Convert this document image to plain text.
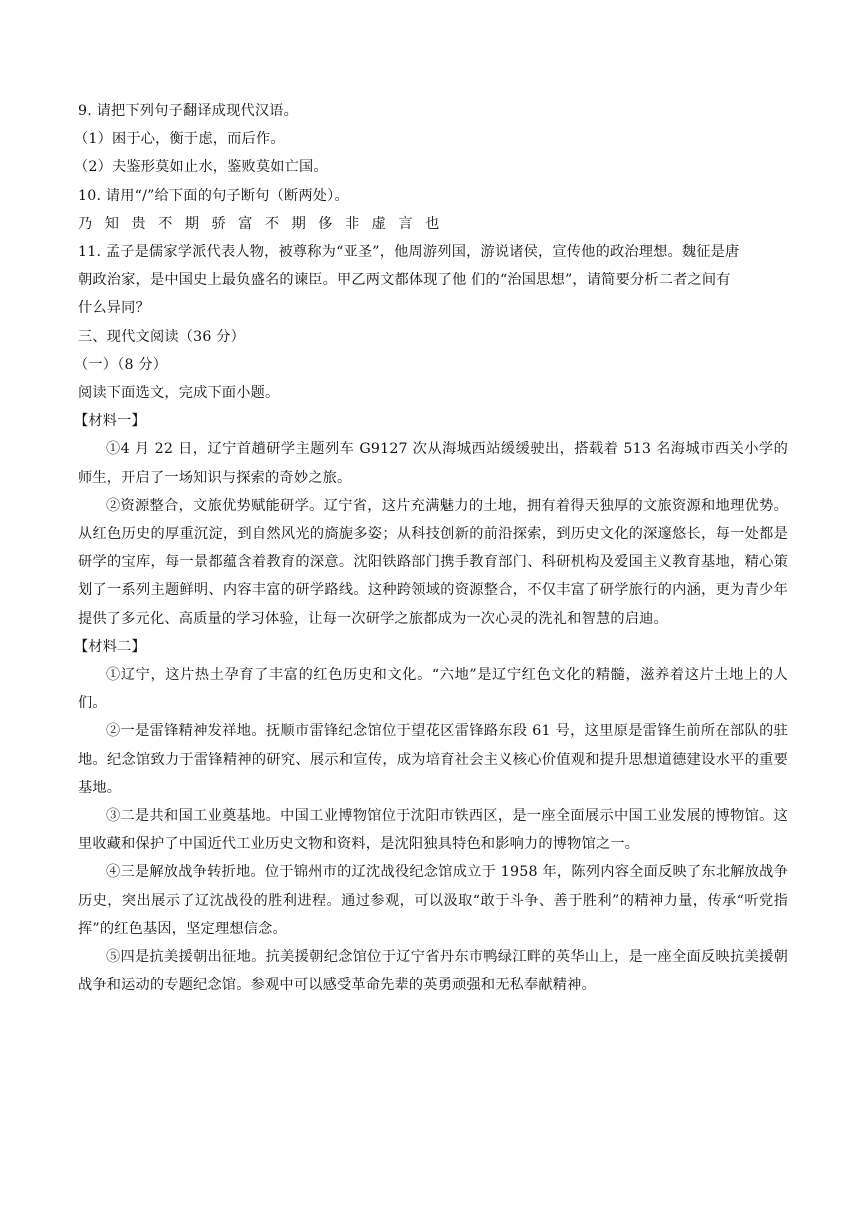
9. 请把下列句子翻译成现代汉语。
（1）困于心，衡于虑，而后作。
（2）夫鉴形莫如止水，鉴败莫如亡国。
10. 请用“/”给下面的句子断句（断两处）。
乃 知 贵 不 期 骄 富 不 期 侈 非 虚 言 也
11. 孟子是儒家学派代表人物，被尊称为“亚圣”，他周游列国，游说诸侯，宣传他的政治理想。魏征是唐
朝政治家，是中国史上最负盛名的谏臣。甲乙两文都体现了他 们的“治国思想”，请简要分析二者之间有
什么异同？
三、现代文阅读（36 分）
（一）（8 分）
阅读下面选文，完成下面小题。
【材料一】
①4 月 22 日，辽宁首趟研学主题列车 G9127 次从海城西站缓缓驶出，搭载着 513 名海城市西关小学的师生，开启了一场知识与探索的奇妙之旅。
②资源整合，文旅优势赋能研学。辽宁省，这片充满魅力的土地，拥有着得天独厚的文旅资源和地理优势。从红色历史的厚重沉淀，到自然风光的旖旎多姿；从科技创新的前沿探索，到历史文化的深邃悠长，每一处都是研学的宝库，每一景都蕴含着教育的深意。沈阳铁路部门携手教育部门、科研机构及爱国主义教育基地，精心策划了一系列主题鲜明、内容丰富的研学路线。这种跨领域的资源整合，不仅丰富了研学旅行的内涵，更为青少年提供了多元化、高质量的学习体验，让每一次研学之旅都成为一次心灵的洗礼和智慧的启迪。
【材料二】
①辽宁，这片热土孕育了丰富的红色历史和文化。“六地”是辽宁红色文化的精髓，滋养着这片土地上的人们。
②一是雷锋精神发祥地。抚顺市雷锋纪念馆位于望花区雷锋路东段 61 号，这里原是雷锋生前所在部队的驻地。纪念馆致力于雷锋精神的研究、展示和宣传，成为培育社会主义核心价值观和提升思想道德建设水平的重要基地。
③二是共和国工业奠基地。中国工业博物馆位于沈阳市铁西区，是一座全面展示中国工业发展的博物馆。这里收藏和保护了中国近代工业历史文物和资料，是沈阳独具特色和影响力的博物馆之一。
④三是解放战争转折地。位于锦州市的辽沈战役纪念馆成立于 1958 年，陈列内容全面反映了东北解放战争历史，突出展示了辽沈战役的胜利进程。通过参观，可以汲取“敢于斗争、善于胜利”的精神力量，传承“听党指挥”的红色基因，坚定理想信念。
⑤四是抗美援朝出征地。抗美援朝纪念馆位于辽宁省丹东市鸭绿江畔的英华山上，是一座全面反映抗美援朝战争和运动的专题纪念馆。参观中可以感受革命先辈的英勇顽强和无私奉献精神。
